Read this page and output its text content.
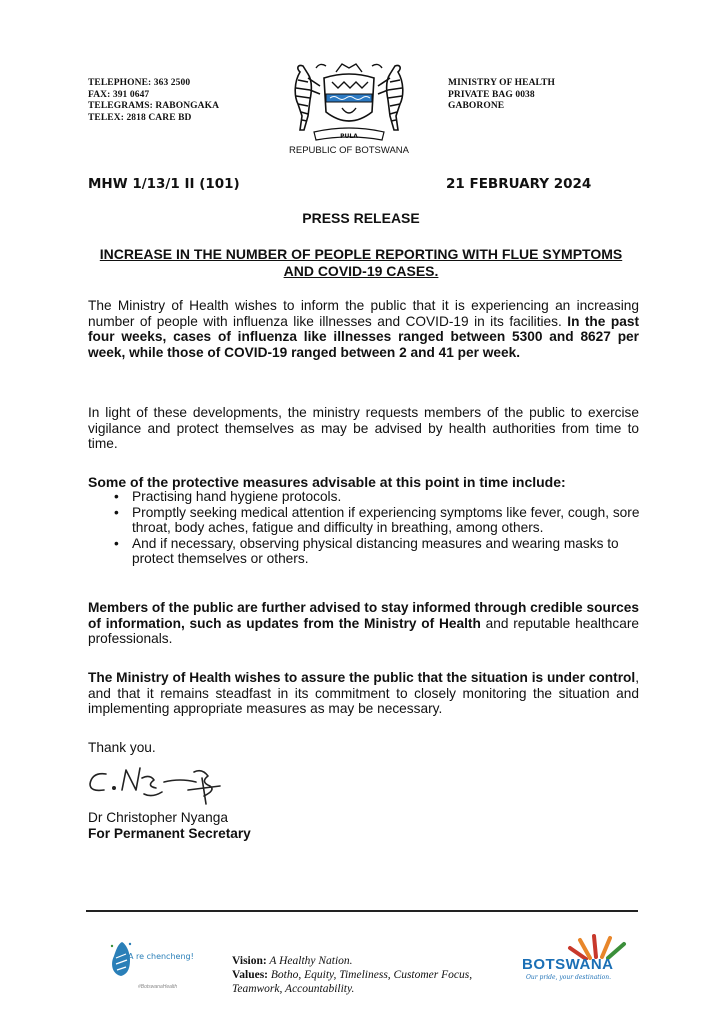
TELEPHONE: 363 2500
FAX: 391 0647
TELEGRAMS: RABONGAKA
TELEX: 2818 CARE BD
MINISTRY OF HEALTH
PRIVATE BAG 0038
GABORONE
PULA
REPUBLIC OF BOTSWANA
MHW 1/13/1 II (101)	21 FEBRUARY 2024
PRESS RELEASE
INCREASE IN THE NUMBER OF PEOPLE REPORTING WITH FLUE SYMPTOMS AND COVID-19 CASES.

The Ministry of Health wishes to inform the public that it is experiencing an increasing number of people with influenza like illnesses and COVID-19 in its facilities. In the past four weeks, cases of influenza like illnesses ranged between 5300 and 8627 per week, while those of COVID-19 ranged between 2 and 41 per week.

In light of these developments, the ministry requests members of the public to exercise vigilance and protect themselves as may be advised by health authorities from time to time.

Some of the protective measures advisable at this point in time include:
• Practising hand hygiene protocols.
• Promptly seeking medical attention if experiencing symptoms like fever, cough, sore throat, body aches, fatigue and difficulty in breathing, among others.
• And if necessary, observing physical distancing measures and wearing masks to protect themselves or others.

Members of the public are further advised to stay informed through credible sources of information, such as updates from the Ministry of Health and reputable healthcare professionals.

The Ministry of Health wishes to assure the public that the situation is under control, and that it remains steadfast in its commitment to closely monitoring the situation and implementing appropriate measures as may be necessary.

Thank you.
Dr Christopher Nyanga
For Permanent Secretary
A re chencheng!
#BotswanaHealth
Vision: A Healthy Nation.
Values: Botho, Equity, Timeliness, Customer Focus, Teamwork, Accountability.
BOTSWANA
Our pride, your destination.
